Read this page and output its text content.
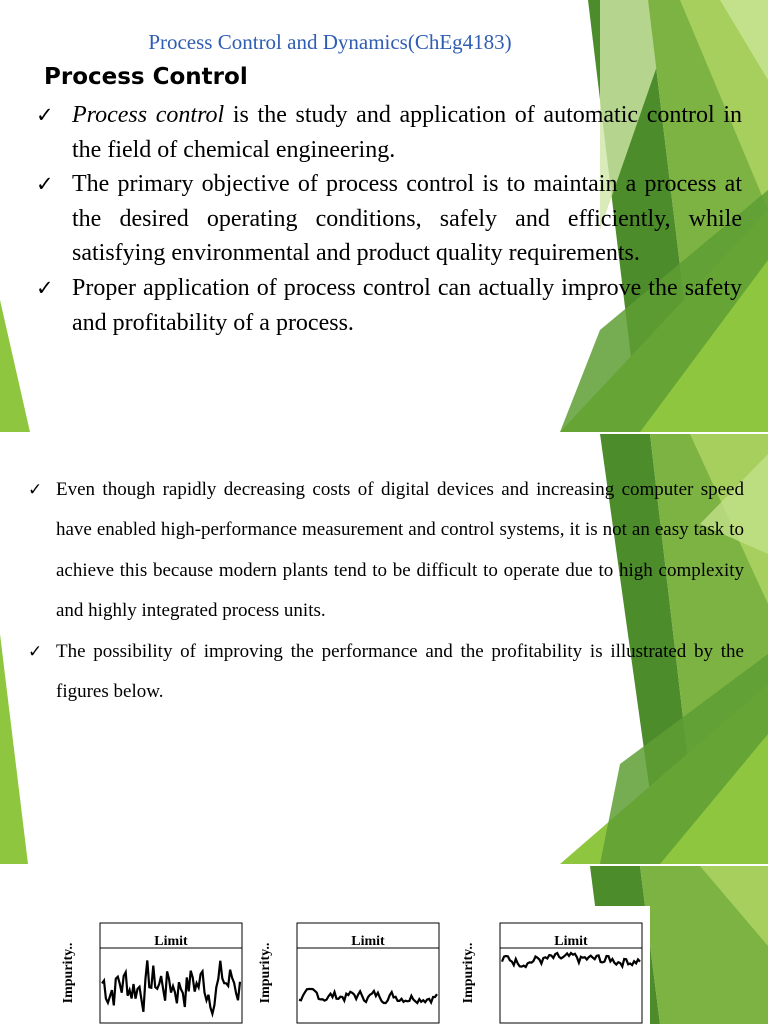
Process Control and Dynamics(ChEg4183)
Process Control
✓ Process control is the study and application of automatic control in the field of chemical engineering.
✓ The primary objective of process control is to maintain a process at the desired operating conditions, safely and efficiently, while satisfying environmental and product quality requirements.
✓ Proper application of process control can actually improve the safety and profitability of a process.
✓ Even though rapidly decreasing costs of digital devices and increasing computer speed have enabled high-performance measurement and control systems, it is not an easy task to achieve this because modern plants tend to be difficult to operate due to high complexity and highly integrated process units.
✓ The possibility of improving the performance and the profitability is illustrated by the figures below.
Limit
Impurity..
Limit
Impurity..
Limit
Impurity..
